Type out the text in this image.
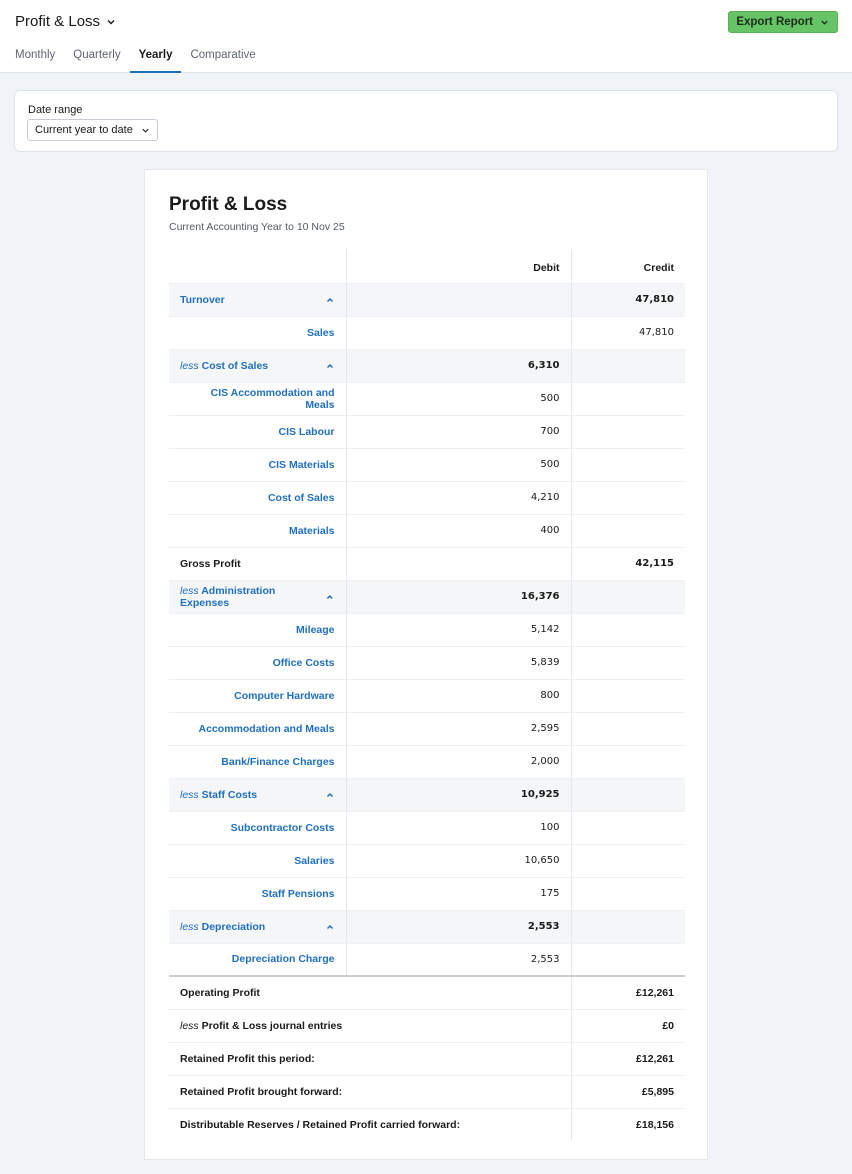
Profit & Loss	Export Report
Monthly Quarterly	Yearly	Comparative
Date range
Current year to date
Profit & Loss
Current Accounting Year to 10 Nov 25
	Debit	Credit

Turnover		47,810
Sales		47,810

less Cost of Sales	6,310	
CIS Accommodation and Meals	500	
CIS Labour	700	
CIS Materials	500	
Cost of Sales	4,210	
Materials	400	
Gross Profit		42,115

less Administration Expenses	16,376	
Mileage	5,142	
Office Costs	5,839	
Computer Hardware	800	
Accommodation and Meals	2,595	
Bank/Finance Charges	2,000	

less Staff Costs	10,925	
Subcontractor Costs	100	
Salaries	10,650	
Staff Pensions	175	

less Depreciation	2,553	
Depreciation Charge	2,553	
Operating Profit		£12,261
less Profit & Loss journal entries		£0
Retained Profit this period:		£12,261
Retained Profit brought forward:		£5,895
Distributable Reserves / Retained Profit carried forward:		£18,156
